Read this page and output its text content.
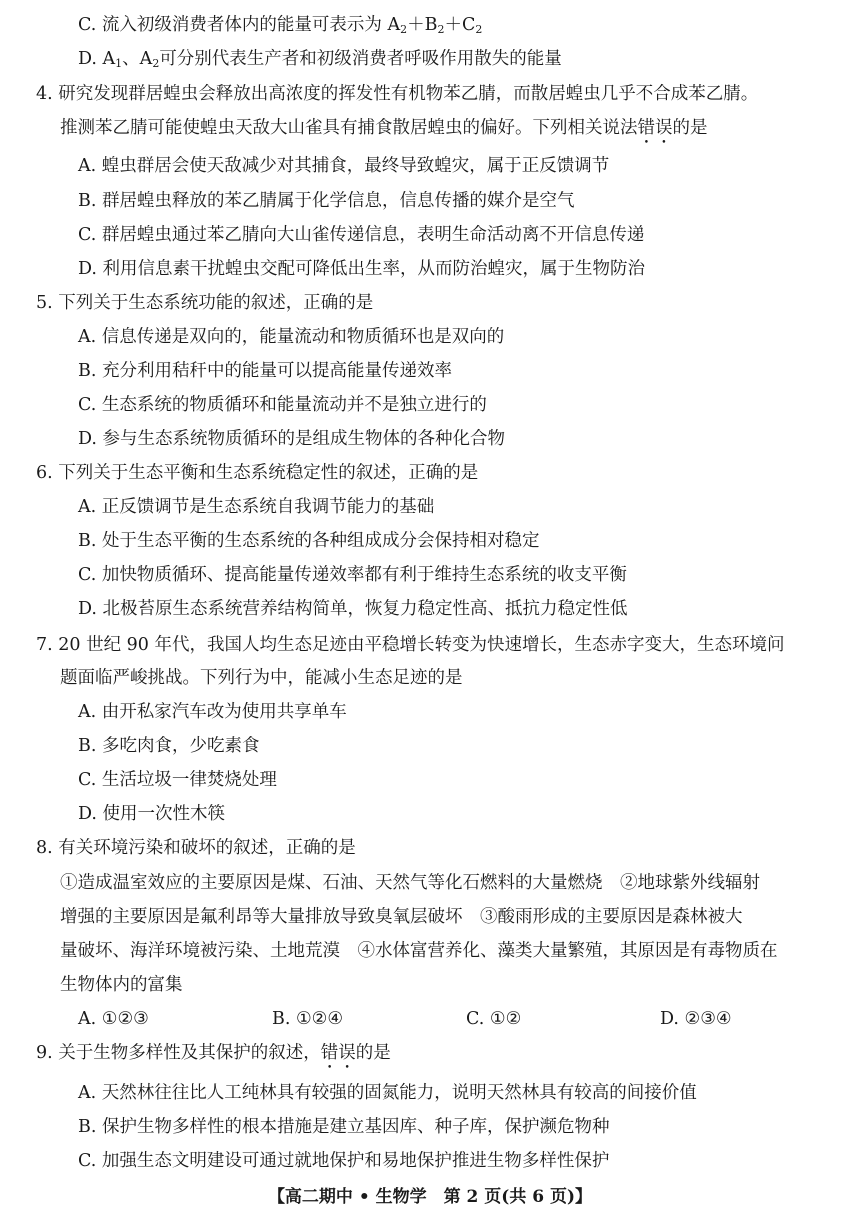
C. 流入初级消费者体内的能量可表示为 $A_2+B_2+C_2$
D. $A_1$、$A_2$可分别代表生产者和初级消费者呼吸作用散失的能量
4. 研究发现群居蝗虫会释放出高浓度的挥发性有机物苯乙腈，而散居蝗虫几乎不合成苯乙腈。
推测苯乙腈可能使蝗虫天敌大山雀具有捕食散居蝗虫的偏好。下列相关说法错误的是
A. 蝗虫群居会使天敌减少对其捕食，最终导致蝗灾，属于正反馈调节
B. 群居蝗虫释放的苯乙腈属于化学信息，信息传播的媒介是空气
C. 群居蝗虫通过苯乙腈向大山雀传递信息，表明生命活动离不开信息传递
D. 利用信息素干扰蝗虫交配可降低出生率，从而防治蝗灾，属于生物防治
5. 下列关于生态系统功能的叙述，正确的是
A. 信息传递是双向的，能量流动和物质循环也是双向的
B. 充分利用秸秆中的能量可以提高能量传递效率
C. 生态系统的物质循环和能量流动并不是独立进行的
D. 参与生态系统物质循环的是组成生物体的各种化合物
6. 下列关于生态平衡和生态系统稳定性的叙述，正确的是
A. 正反馈调节是生态系统自我调节能力的基础
B. 处于生态平衡的生态系统的各种组成成分会保持相对稳定
C. 加快物质循环、提高能量传递效率都有利于维持生态系统的收支平衡
D. 北极苔原生态系统营养结构简单，恢复力稳定性高、抵抗力稳定性低
7. 20 世纪 90 年代，我国人均生态足迹由平稳增长转变为快速增长，生态赤字变大，生态环境问
题面临严峻挑战。下列行为中，能减小生态足迹的是
A. 由开私家汽车改为使用共享单车
B. 多吃肉食，少吃素食
C. 生活垃圾一律焚烧处理
D. 使用一次性木筷
8. 有关环境污染和破坏的叙述，正确的是
①造成温室效应的主要原因是煤、石油、天然气等化石燃料的大量燃烧　②地球紫外线辐射
增强的主要原因是氟利昂等大量排放导致臭氧层破坏　③酸雨形成的主要原因是森林被大
量破坏、海洋环境被污染、土地荒漠　④水体富营养化、藻类大量繁殖，其原因是有毒物质在
生物体内的富集
A. ①②③	B. ①②④	C. ①②	D. ②③④
9. 关于生物多样性及其保护的叙述，错误的是
A. 天然林往往比人工纯林具有较强的固氮能力，说明天然林具有较高的间接价值
B. 保护生物多样性的根本措施是建立基因库、种子库，保护濒危物种
C. 加强生态文明建设可通过就地保护和易地保护推进生物多样性保护
【高二期中 • 生物学　第 2 页(共 6 页)】
